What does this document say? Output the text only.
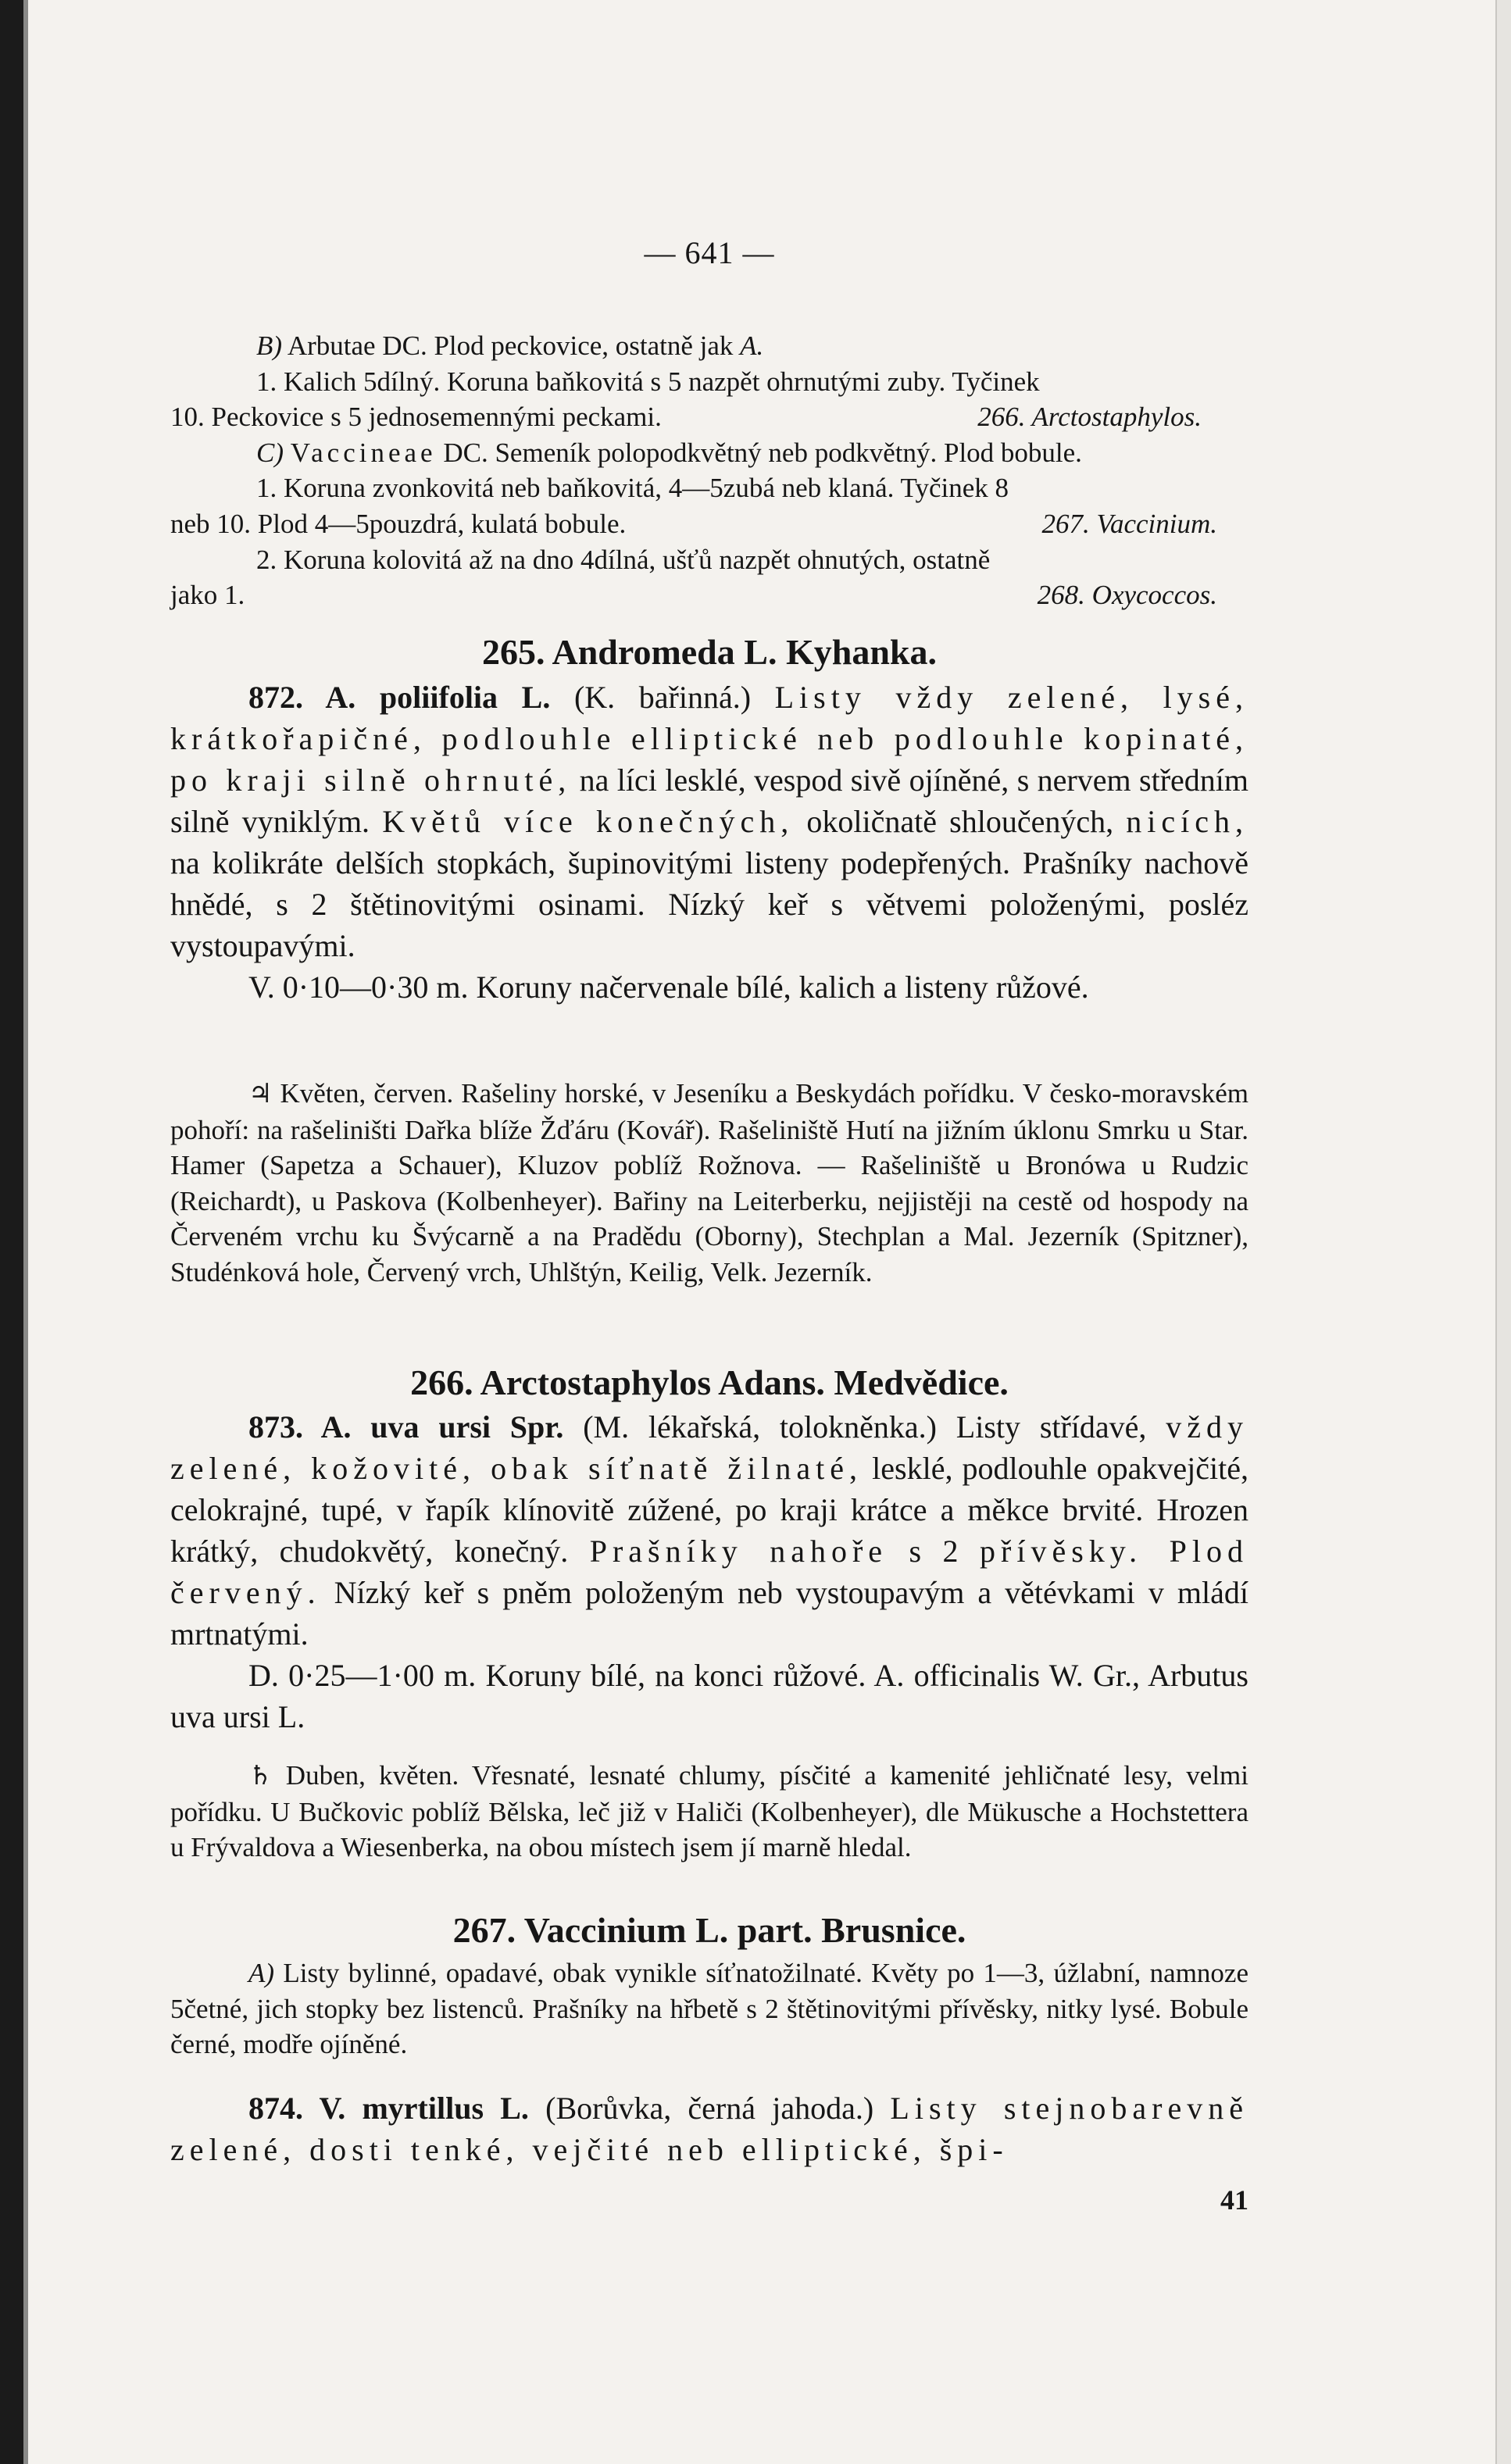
— 641 —

B) Arbutae DC. Plod peckovice, ostatně jak A.

1. Kalich 5dílný. Koruna baňkovitá s 5 nazpět ohrnutými zuby. Tyčinek

10. Peckovice s 5 jednosemennými peckami.	266. Arctostaphylos.

C) Vaccineae DC. Semeník polopodkvětný neb podkvětný. Plod bobule.

1. Koruna zvonkovitá neb baňkovitá, 4—5zubá neb klaná. Tyčinek 8

neb 10. Plod 4—5pouzdrá, kulatá bobule.	267. Vaccinium.

2. Koruna kolovitá až na dno 4dílná, ušťů nazpět ohnutých, ostatně

jako 1.	268. Oxycoccos.

265. Andromeda L. Kyhanka.

872. A. poliifolia L. (K. bařinná.) Listy vždy zelené, lysé, krátkořapičné, podlouhle elliptické neb podlouhle kopinaté, po kraji silně ohrnuté, na líci lesklé, vespod sivě ojíněné, s nervem středním silně vyniklým. Květů více konečných, okoličnatě shloučených, nicích, na kolikráte delších stopkách, šupinovitými listeny podepřených. Prašníky nachově hnědé, s 2 štětinovitými osinami. Nízký keř s větvemi položenými, posléz vystoupavými.

V. 0·10—0·30 m. Koruny načervenale bílé, kalich a listeny růžové.

♃ Květen, červen. Rašeliny horské, v Jeseníku a Beskydách pořídku. V česko-moravském pohoří: na rašeliništi Dařka blíže Žďáru (Kovář). Rašeliniště Hutí na jižním úklonu Smrku u Star. Hamer (Sapetza a Schauer), Kluzov poblíž Rožnova. — Rašeliniště u Bronówa u Rudzic (Reichardt), u Paskova (Kolbenheyer). Bařiny na Leiterberku, nejjistěji na cestě od hospody na Červeném vrchu ku Švýcarně a na Pradědu (Oborny), Stechplan a Mal. Jezerník (Spitzner), Studénková hole, Červený vrch, Uhlštýn, Keilig, Velk. Jezerník.

266. Arctostaphylos Adans. Medvědice.

873. A. uva ursi Spr. (M. lékařská, tolokněnka.) Listy střídavé, vždy zelené, kožovité, obak síťnatě žilnaté, lesklé, podlouhle opakvejčité, celokrajné, tupé, v řapík klínovitě zúžené, po kraji krátce a měkce brvité. Hrozen krátký, chudokvětý, konečný. Prašníky nahoře s 2 přívěsky. Plod červený. Nízký keř s pněm položeným neb vystoupavým a větévkami v mládí mrtnatými.

D. 0·25—1·00 m. Koruny bílé, na konci růžové. A. officinalis W. Gr., Arbutus uva ursi L.

♄ Duben, květen. Vřesnaté, lesnaté chlumy, písčité a kamenité jehličnaté lesy, velmi pořídku. U Bučkovic poblíž Bělska, leč již v Haliči (Kolbenheyer), dle Mükusche a Hochstettera u Frývaldova a Wiesenberka, na obou místech jsem jí marně hledal.

267. Vaccinium L. part. Brusnice.

A) Listy bylinné, opadavé, obak vynikle síťnatožilnaté. Květy po 1—3, úžlabní, namnoze 5četné, jich stopky bez listenců. Prašníky na hřbetě s 2 štětinovitými přívěsky, nitky lysé. Bobule černé, modře ojíněné.

874. V. myrtillus L. (Borůvka, černá jahoda.) Listy stejnobarevně zelené, dosti tenké, vejčité neb elliptické, špi-

41
